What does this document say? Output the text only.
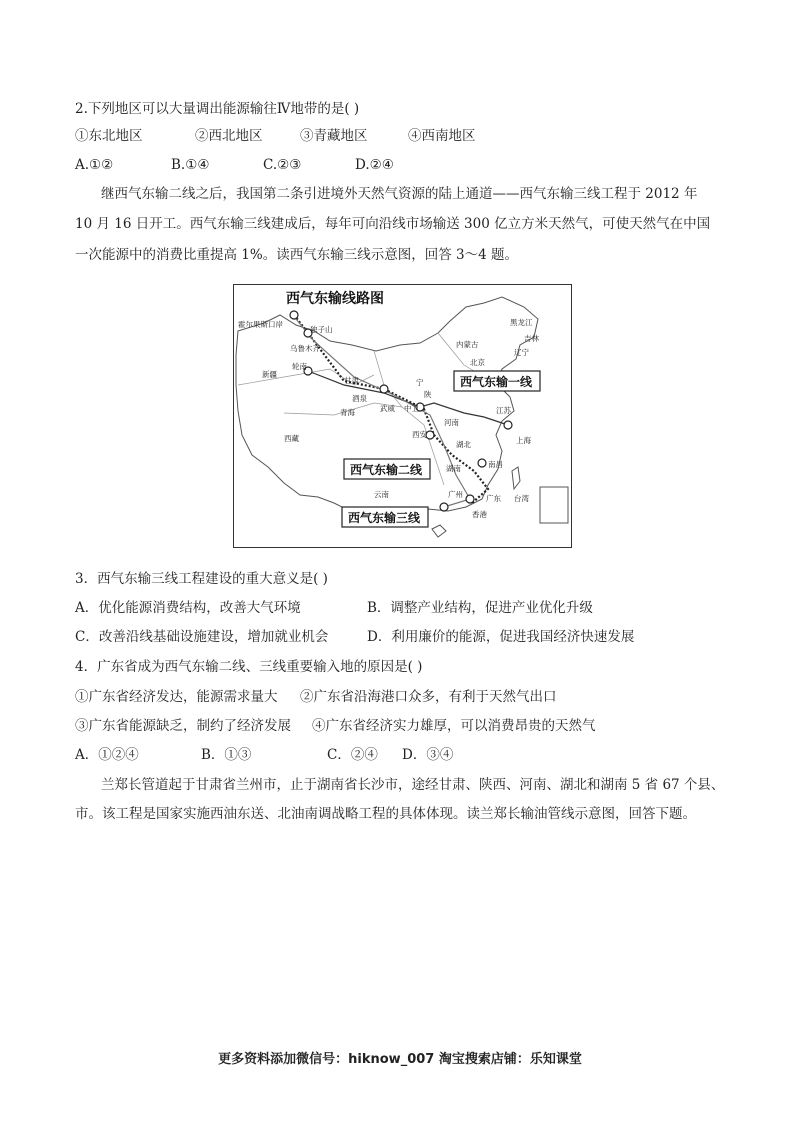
2.下列地区可以大量调出能源输往Ⅳ地带的是( )
①东北地区	②西北地区	③青藏地区	④西南地区
A.①②	B.①④	C.②③	D.②④
继西气东输二线之后，我国第二条引进境外天然气资源的陆上通道——西气东输三线工程于 2012 年
10 月 16 日开工。西气东输三线建成后，每年可向沿线市场输送 300 亿立方米天然气，可使天然气在中国
一次能源中的消费比重提高 1%。读西气东输三线示意图，回答 3～4 题。
西气东输线路图
西气东输一线
西气东输二线
西气东输三线
霍尔果斯口岸
独子山
乌鲁木齐
轮南
新疆
甘肃
酒泉
武威 中卫
西安
青海
西藏
内蒙古
黑龙江
吉林
辽宁
北京
宁
陕
河南
湖北
湖南
上海
南昌
广东
广州
香港
台湾
云南
江苏
3．西气东输三线工程建设的重大意义是( )
A．优化能源消费结构，改善大气环境	B．调整产业结构，促进产业优化升级
C．改善沿线基础设施建设，增加就业机会	D．利用廉价的能源，促进我国经济快速发展
4．广东省成为西气东输二线、三线重要输入地的原因是( )
①广东省经济发达，能源需求量大 ②广东省沿海港口众多，有利于天然气出口
③广东省能源缺乏，制约了经济发展 ④广东省经济实力雄厚，可以消费昂贵的天然气
A．①②④	B．①③	C．②④ D．③④
兰郑长管道起于甘肃省兰州市，止于湖南省长沙市，途经甘肃、陕西、河南、湖北和湖南 5 省 67 个县、
市。该工程是国家实施西油东送、北油南调战略工程的具体体现。读兰郑长输油管线示意图，回答下题。
更多资料添加微信号：hiknow_007 淘宝搜索店铺：乐知课堂
